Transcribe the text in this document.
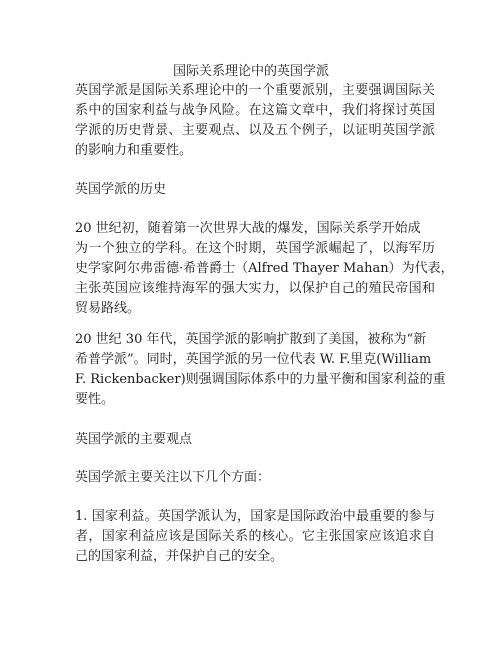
国际关系理论中的英国学派
英国学派是国际关系理论中的一个重要派别，主要强调国际关
系中的国家利益与战争风险。在这篇文章中，我们将探讨英国
学派的历史背景、主要观点、以及五个例子，以证明英国学派
的影响力和重要性。
英国学派的历史
20 世纪初，随着第一次世界大战的爆发，国际关系学开始成
为一个独立的学科。在这个时期，英国学派崛起了，以海军历
史学家阿尔弗雷德·希普爵士（Alfred Thayer Mahan）为代表，
主张英国应该维持海军的强大实力，以保护自己的殖民帝国和
贸易路线。
20 世纪 30 年代，英国学派的影响扩散到了美国，被称为“新
希普学派”。同时，英国学派的另一位代表 W. F.里克(William
F. Rickenbacker)则强调国际体系中的力量平衡和国家利益的重
要性。
英国学派的主要观点
英国学派主要关注以下几个方面：
1. 国家利益。英国学派认为，国家是国际政治中最重要的参与
者，国家利益应该是国际关系的核心。它主张国家应该追求自
己的国家利益，并保护自己的安全。
